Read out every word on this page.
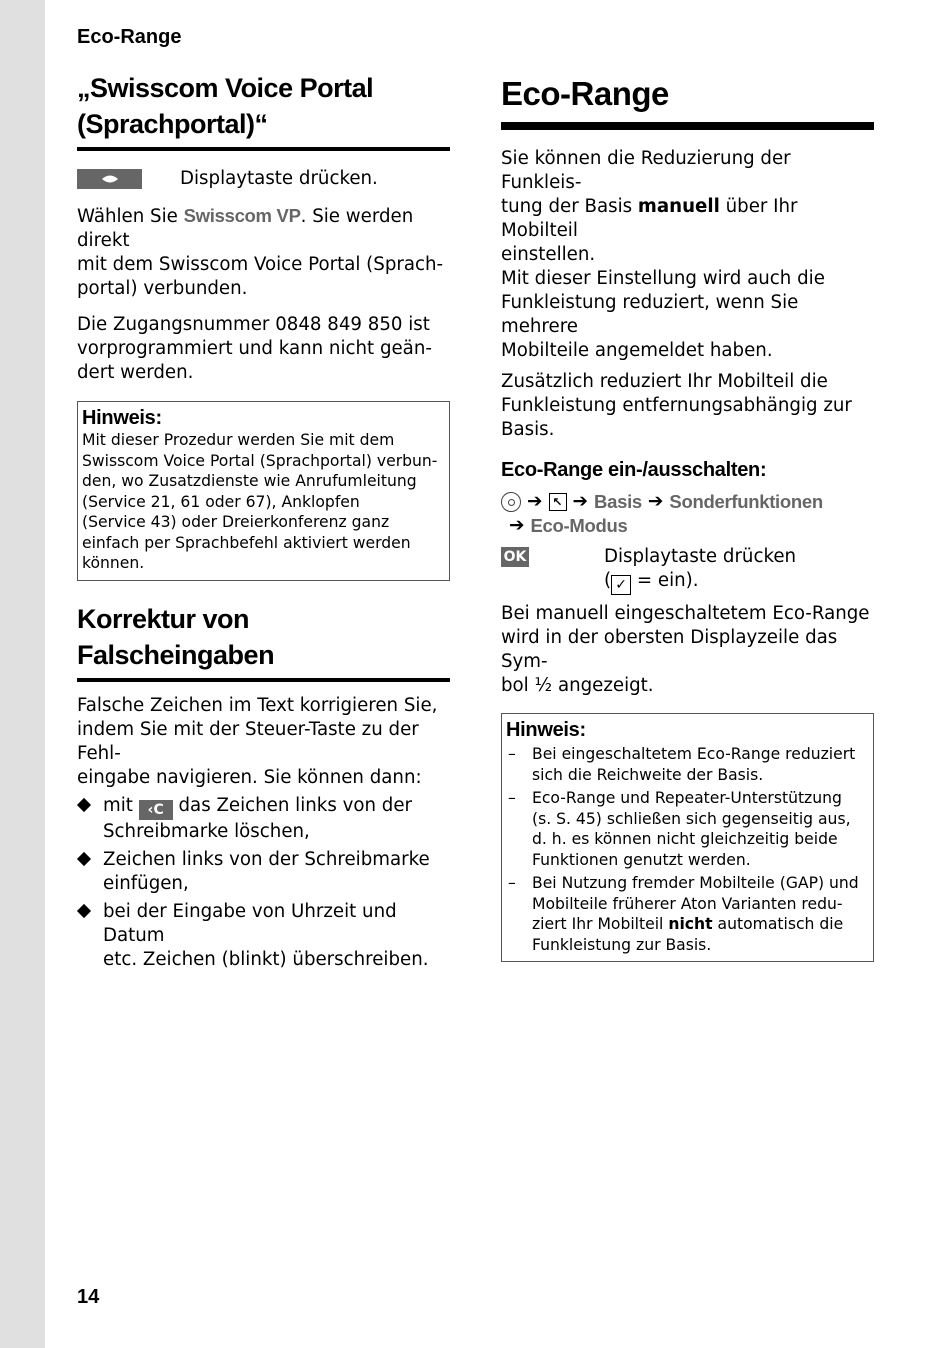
Eco-Range
14
„Swisscom Voice Portal
(Sprachportal)“
Displaytaste drücken.

Wählen Sie Swisscom VP. Sie werden direkt
mit dem Swisscom Voice Portal (Sprach-
portal) verbunden.

Die Zugangsnummer 0848 849 850 ist
vorprogrammiert und kann nicht geän-
dert werden.

Hinweis:
Mit dieser Prozedur werden Sie mit dem
Swisscom Voice Portal (Sprachportal) verbun-
den, wo Zusatzdienste wie Anrufumleitung
(Service 21, 61 oder 67), Anklopfen
(Service 43) oder Dreierkonferenz ganz
einfach per Sprachbefehl aktiviert werden
können.
Korrektur von Falscheingaben

Falsche Zeichen im Text korrigieren Sie,
indem Sie mit der Steuer-Taste zu der Fehl-
eingabe navigieren. Sie können dann:

mit ‹C das Zeichen links von der
Schreibmarke löschen,
Zeichen links von der Schreibmarke
einfügen,
bei der Eingabe von Uhrzeit und Datum
etc. Zeichen (blinkt) überschreiben.
Eco-Range

Sie können die Reduzierung der Funkleis-
tung der Basis manuell über Ihr Mobilteil
einstellen.
Mit dieser Einstellung wird auch die
Funkleistung reduziert, wenn Sie mehrere
Mobilteile angemeldet haben.

Zusätzlich reduziert Ihr Mobilteil die
Funkleistung entfernungsabhängig zur
Basis.

Eco-Range ein-/ausschalten:
➔ ↖ ➔ Basis ➔ Sonderfunktionen
➔ Eco-Modus
OK	Displaytaste drücken
( ✓ = ein).

Bei manuell eingeschaltetem Eco-Range
wird in der obersten Displayzeile das Sym-
bol ½ angezeigt.

Hinweis:
– Bei eingeschaltetem Eco-Range reduziert
sich die Reichweite der Basis.
– Eco-Range und Repeater-Unterstützung
(s. S. 45) schließen sich gegenseitig aus,
d. h. es können nicht gleichzeitig beide
Funktionen genutzt werden.
– Bei Nutzung fremder Mobilteile (GAP) und
Mobilteile früherer Aton Varianten redu-
ziert Ihr Mobilteil nicht automatisch die
Funkleistung zur Basis.
